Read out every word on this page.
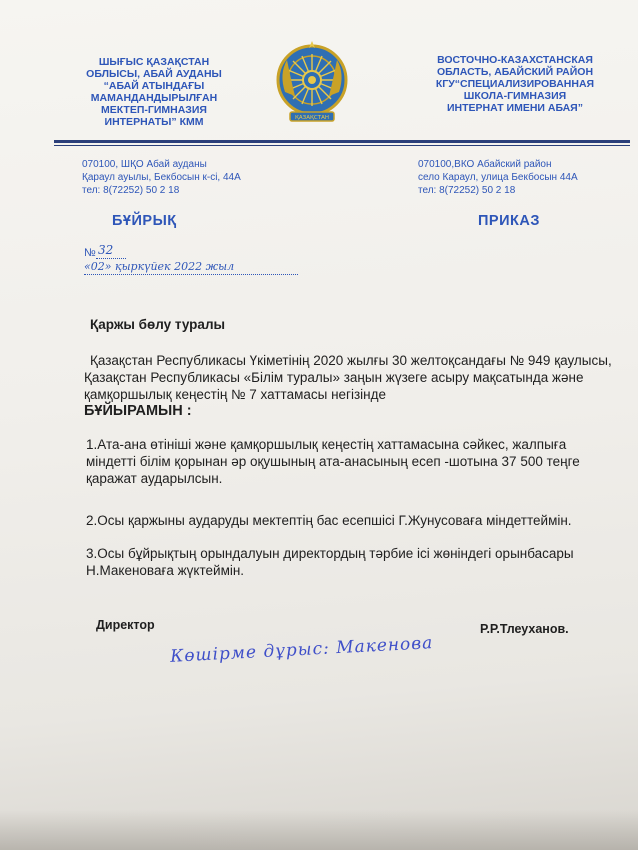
ШЫҒЫС ҚАЗАҚСТАН
ОБЛЫСЫ, АБАЙ АУДАНЫ
“АБАЙ АТЫНДАҒЫ
МАМАНДАНДЫРЫЛҒАН
МЕКТЕП-ГИМНАЗИЯ
ИНТЕРНАТЫ” КММ	ҚАЗАҚСТАН
ВОСТОЧНО-КАЗАХСТАНСКАЯ
ОБЛАСТЬ, АБАЙСКИЙ РАЙОН
КГУ“СПЕЦИАЛИЗИРОВАННАЯ
ШКОЛА-ГИМНАЗИЯ
ИНТЕРНАТ ИМЕНИ АБАЯ”
070100, ШҚО Абай ауданы
Қараул ауылы, Бекбосын к-сі, 44А
тел: 8(72252) 50 2 18
070100,ВКО Абайский район
село Караул, улица Бекбосын 44А
тел: 8(72252) 50 2 18
БҰЙРЫҚ	ПРИКАЗ
№ 32
«02» қыркүйек 2022 жыл
Қаржы бөлу туралы
Қазақстан Республикасы Үкіметінің 2020 жылғы 30 желтоқсандағы № 949 қаулысы, Қазақстан Республикасы «Білім туралы» заңын жүзеге асыру мақсатында және қамқоршылық кеңестің № 7 хаттамасы негізінде
БҰЙЫРАМЫН :
1.Ата-ана өтініші және қамқоршылық кеңестің хаттамасына сәйкес, жалпыға міндетті білім қорынан әр оқушының ата-анасының есеп -шотына 37 500 теңге қаражат аударылсын.
2.Осы қаржыны аударуды мектептің бас есепшісі Г.Жунусоваға міндеттеймін.
3.Осы бұйрықтың орындалуын директордың тәрбие ісі жөніндегі орынбасары Н.Макеноваға жүктеймін.
Директор	Р.Р.Тлеуханов.
Көшірме дұрыс: Макенова
